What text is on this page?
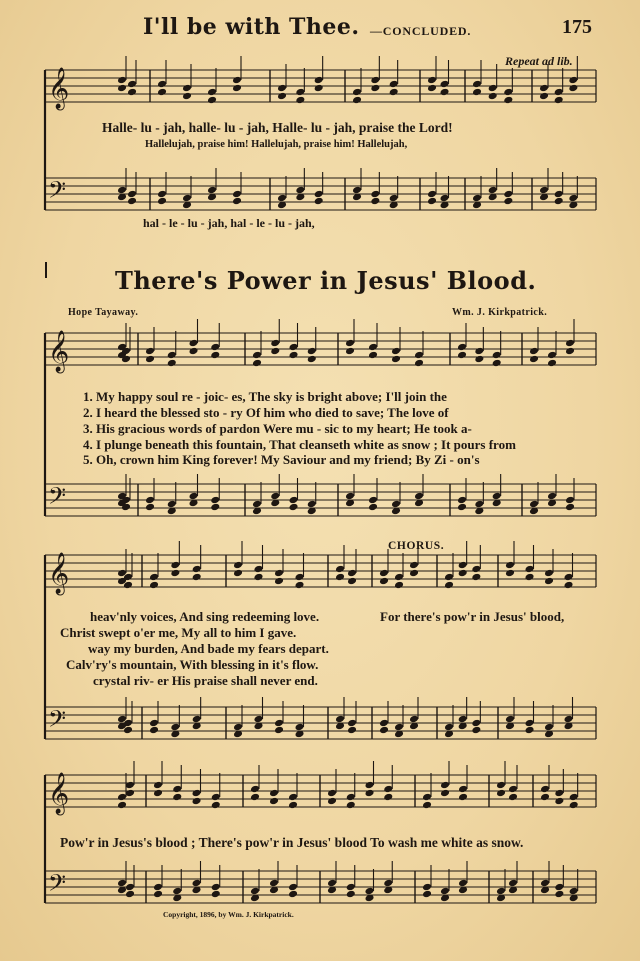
𝄞
𝄢
𝄞
𝄢
𝄞
𝄢
𝄞
𝄢
I'll be with Thee. —CONCLUDED.	175
Repeat ad lib.
Halle- lu - jah, halle- lu - jah, Halle- lu - jah, praise the Lord!
Hallelujah, praise him! Hallelujah, praise him! Hallelujah,
hal - le - lu - jah, hal - le - lu - jah,
There's Power in Jesus' Blood.
Hope Tayaway.	Wm. J. Kirkpatrick.
1. My happy soul re - joic- es, The sky is bright above; I'll join the
2. I heard the blessed sto - ry Of him who died to save; The love of
3. His gracious words of pardon Were mu - sic to my heart; He took a-
4. I plunge beneath this fountain, That cleanseth white as snow ; It pours from
5. Oh, crown him King forever! My Saviour and my friend; By Zi - on's
CHORUS.
heav'nly voices, And sing redeeming love.
Christ swept o'er me, My all to him I gave.
way my burden, And bade my fears depart.
Calv'ry's mountain, With blessing in it's flow.
crystal riv- er His praise shall never end.
For there's pow'r in Jesus' blood,
Pow'r in Jesus's blood ; There's pow'r in Jesus' blood To wash me white as snow.
Copyright, 1896, by Wm. J. Kirkpatrick.
